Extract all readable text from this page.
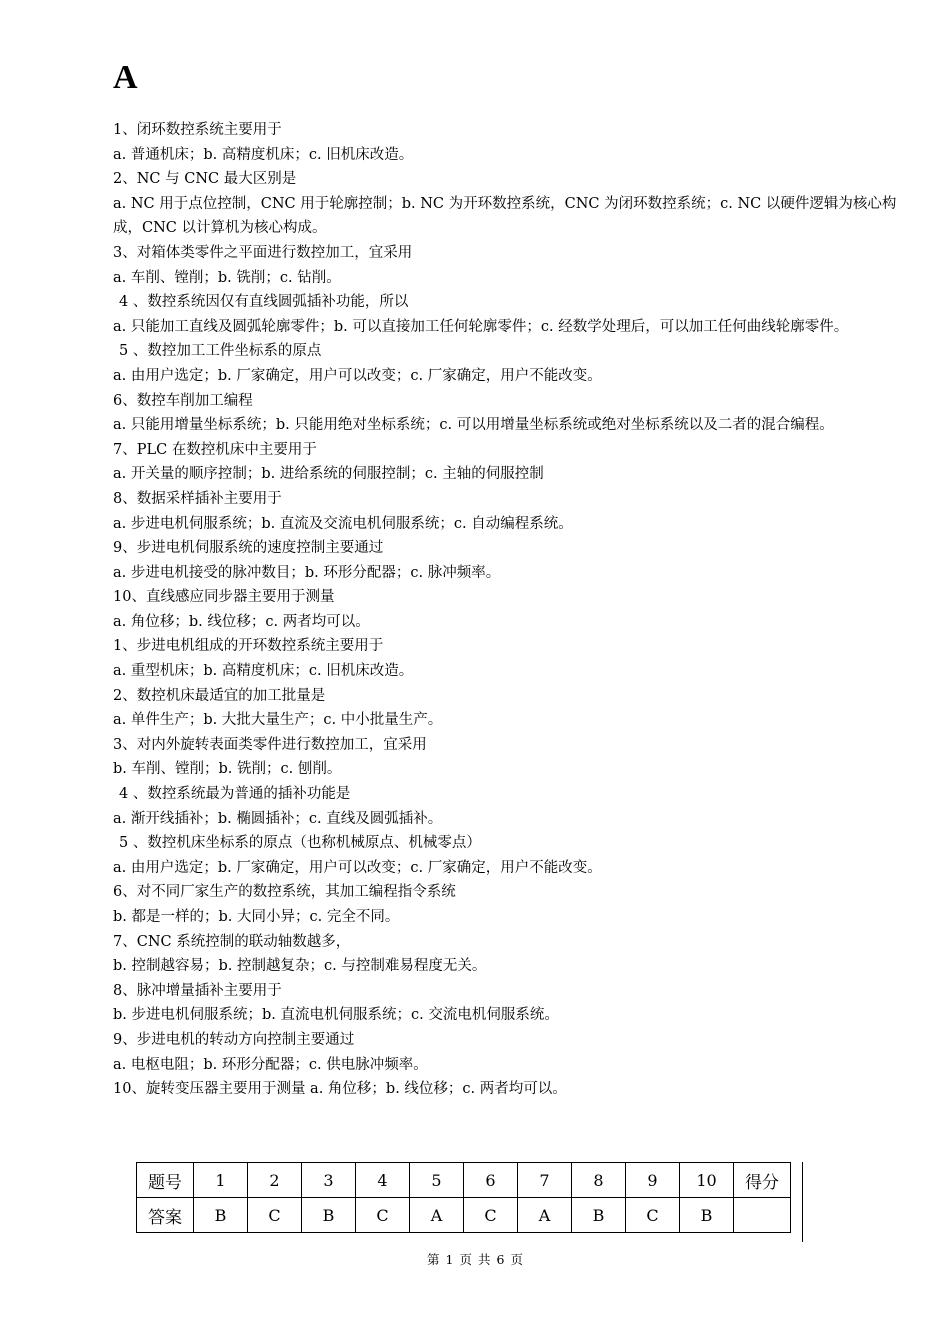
A
1、闭环数控系统主要用于
a. 普通机床；b. 高精度机床；c. 旧机床改造。
2、NC 与 CNC 最大区别是
a. NC 用于点位控制，CNC 用于轮廓控制；b. NC 为开环数控系统，CNC 为闭环数控系统；c. NC 以硬件逻辑为核心构成，CNC 以计算机为核心构成。
3、对箱体类零件之平面进行数控加工，宜采用
a. 车削、镗削；b. 铣削；c. 钻削。
4 、数控系统因仅有直线圆弧插补功能，所以
a. 只能加工直线及圆弧轮廓零件；b. 可以直接加工任何轮廓零件；c. 经数学处理后，可以加工任何曲线轮廓零件。
5 、数控加工工件坐标系的原点
a. 由用户选定；b. 厂家确定，用户可以改变；c. 厂家确定，用户不能改变。
6、数控车削加工编程
a. 只能用增量坐标系统；b. 只能用绝对坐标系统；c. 可以用增量坐标系统或绝对坐标系统以及二者的混合编程。
7、PLC 在数控机床中主要用于
a. 开关量的顺序控制；b. 进给系统的伺服控制；c. 主轴的伺服控制
8、数据采样插补主要用于
a. 步进电机伺服系统；b. 直流及交流电机伺服系统；c. 自动编程系统。
9、步进电机伺服系统的速度控制主要通过
a. 步进电机接受的脉冲数目；b. 环形分配器；c. 脉冲频率。
10、直线感应同步器主要用于测量
a. 角位移；b. 线位移；c. 两者均可以。
1、步进电机组成的开环数控系统主要用于
a. 重型机床；b. 高精度机床；c. 旧机床改造。
2、数控机床最适宜的加工批量是
a. 单件生产；b. 大批大量生产；c. 中小批量生产。
3、对内外旋转表面类零件进行数控加工，宜采用
b. 车削、镗削；b. 铣削；c. 刨削。
4 、数控系统最为普通的插补功能是
a. 渐开线插补；b. 椭圆插补；c. 直线及圆弧插补。
5 、数控机床坐标系的原点（也称机械原点、机械零点）
a. 由用户选定；b. 厂家确定，用户可以改变；c. 厂家确定，用户不能改变。
6、对不同厂家生产的数控系统，其加工编程指令系统
b. 都是一样的；b. 大同小异；c. 完全不同。
7、CNC 系统控制的联动轴数越多，
b. 控制越容易；b. 控制越复杂；c. 与控制难易程度无关。
8、脉冲增量插补主要用于
b. 步进电机伺服系统；b. 直流电机伺服系统；c. 交流电机伺服系统。
9、步进电机的转动方向控制主要通过
a. 电枢电阻；b. 环形分配器；c. 供电脉冲频率。
10、旋转变压器主要用于测量 a. 角位移；b. 线位移；c. 两者均可以。
题号	1	2	3	4	5	6	7	8	9	10	得分
答案	B	C	B	C	A	C	A	B	C	B	
第 1 页 共 6 页
